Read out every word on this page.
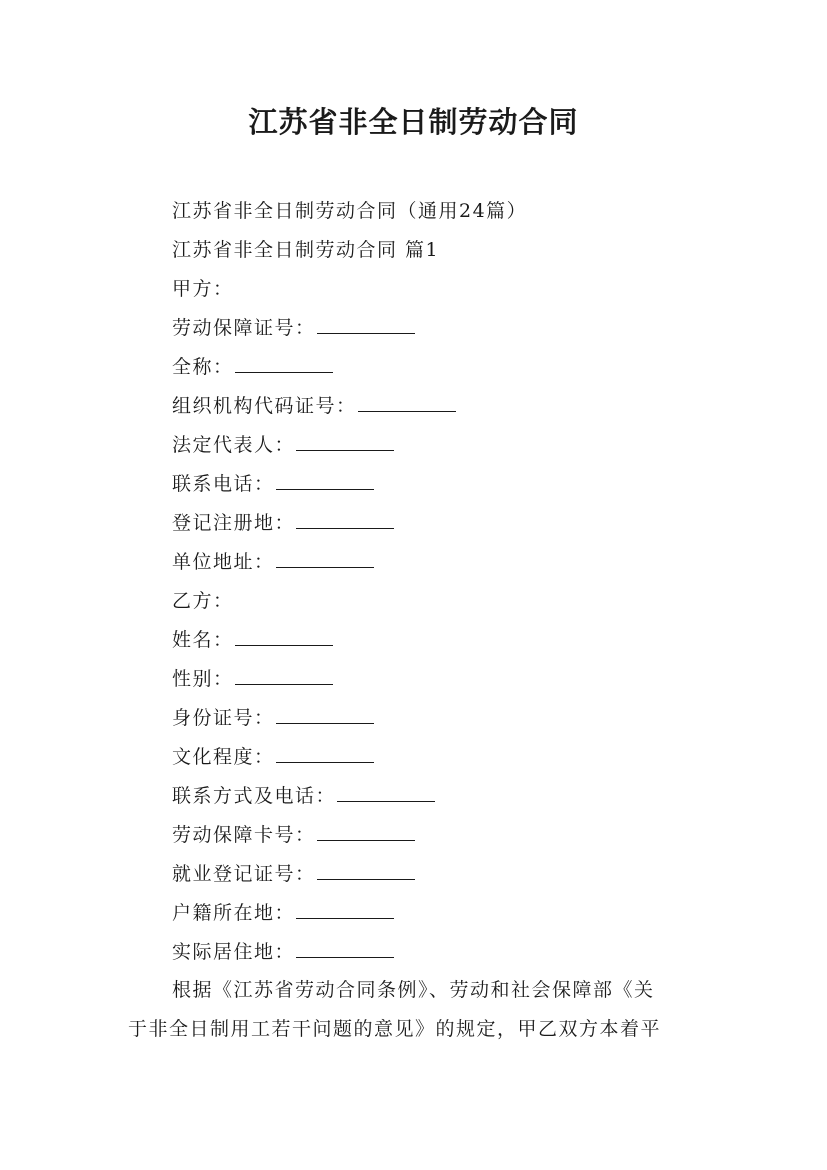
江苏省非全日制劳动合同
江苏省非全日制劳动合同（通用24篇）
江苏省非全日制劳动合同 篇1
甲方：
劳动保障证号：
全称：
组织机构代码证号：
法定代表人：
联系电话：
登记注册地：
单位地址：
乙方：
姓名：
性别：
身份证号：
文化程度：
联系方式及电话：
劳动保障卡号：
就业登记证号：
户籍所在地：
实际居住地：
根据《江苏省劳动合同条例》、劳动和社会保障部《关
于非全日制用工若干问题的意见》的规定，甲乙双方本着平
